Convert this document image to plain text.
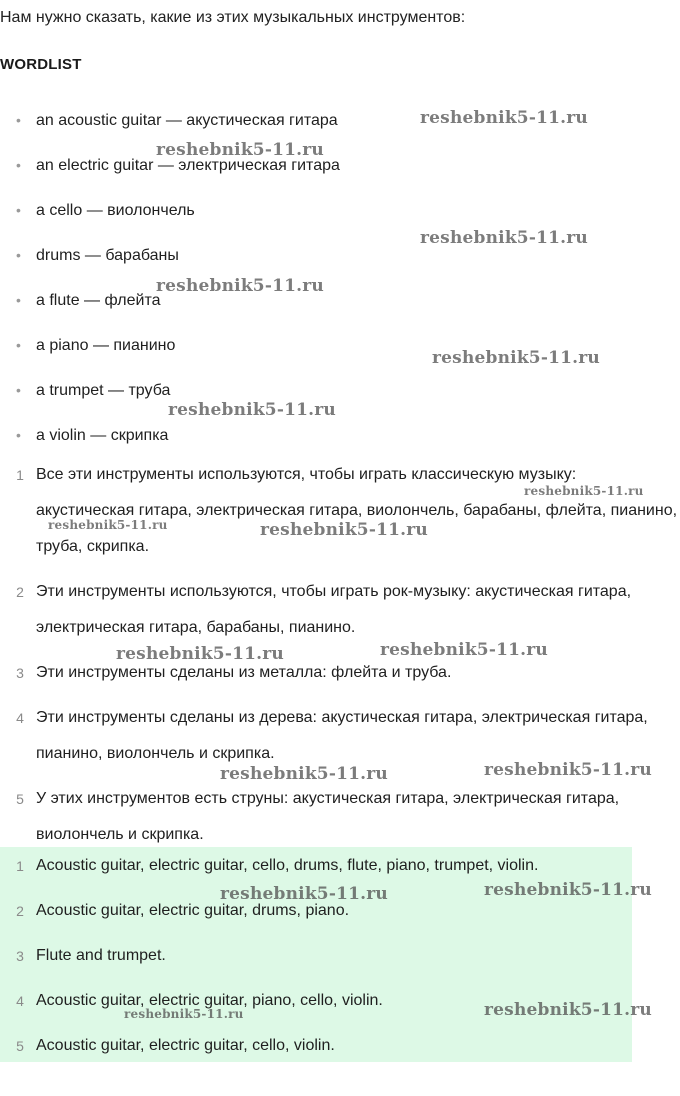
Нам нужно сказать, какие из этих музыкальных инструментов:

WORDLIST
• an acoustic guitar — акустическая гитара
• an electric guitar — электрическая гитара
• a cello — виолончель
• drums — барабаны
• a flute — флейта
• a piano — пианино
• a trumpet — труба
• a violin — скрипка
1 Все эти инструменты используются, чтобы играть классическую музыку: акустическая гитара, электрическая гитара, виолончель, барабаны, флейта, пианино, труба, скрипка.
2 Эти инструменты используются, чтобы играть рок-музыку: акустическая гитара, электрическая гитара, барабаны, пианино.
3 Эти инструменты сделаны из металла: флейта и труба.
4 Эти инструменты сделаны из дерева: акустическая гитара, электрическая гитара, пианино, виолончель и скрипка.
5 У этих инструментов есть струны: акустическая гитара, электрическая гитара, виолончель и скрипка.
1 Acoustic guitar, electric guitar, cello, drums, flute, piano, trumpet, violin.
2 Acoustic guitar, electric guitar, drums, piano.
3 Flute and trumpet.
4 Acoustic guitar, electric guitar, piano, cello, violin.
5 Acoustic guitar, electric guitar, cello, violin.
reshebnik5-11.ru
reshebnik5-11.ru
reshebnik5-11.ru
reshebnik5-11.ru
reshebnik5-11.ru
reshebnik5-11.ru
reshebnik5-11.ru
reshebnik5-11.ru	reshebnik5-11.ru
reshebnik5-11.ru	reshebnik5-11.ru
reshebnik5-11.ru	reshebnik5-11.ru
reshebnik5-11.ru	reshebnik5-11.ru
reshebnik5-11.ru	reshebnik5-11.ru
